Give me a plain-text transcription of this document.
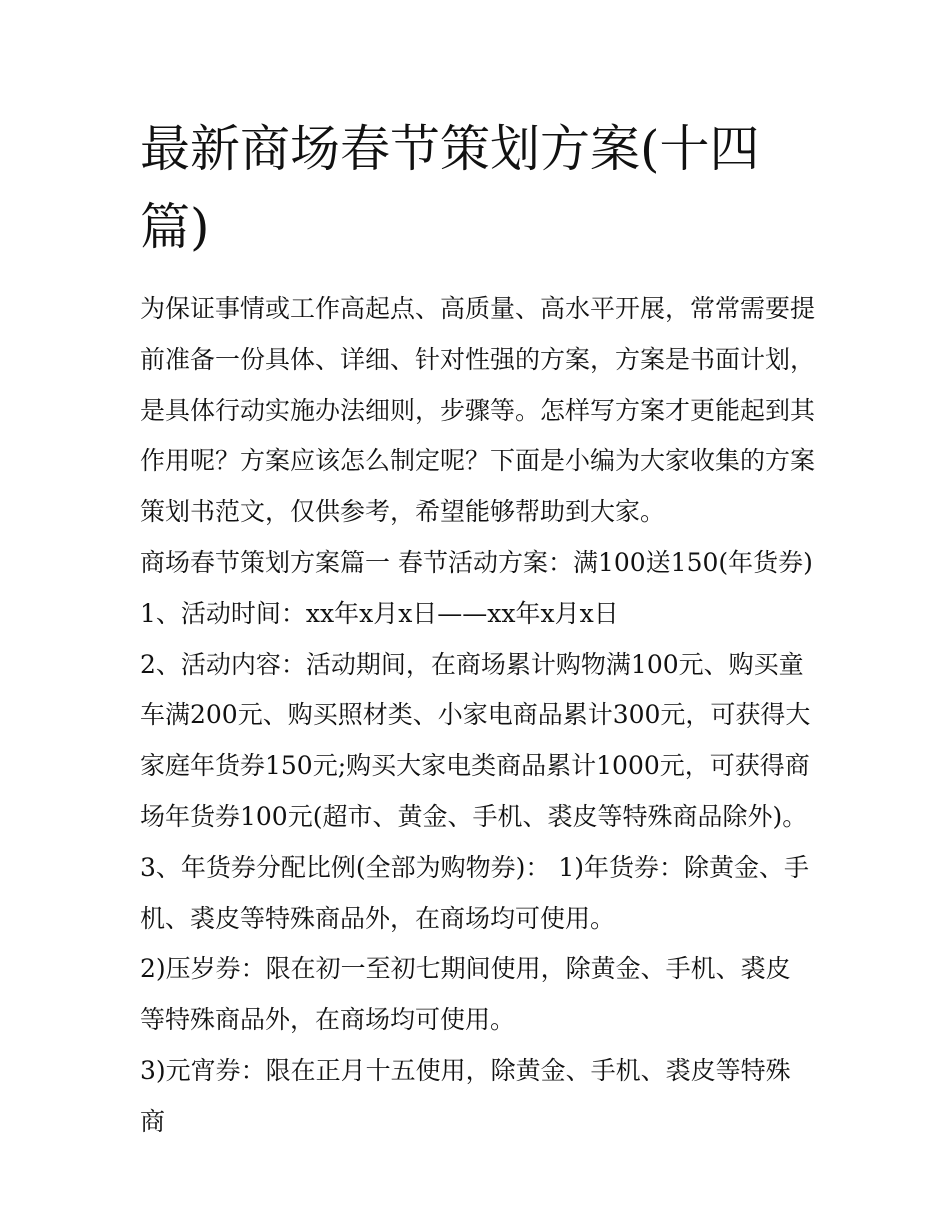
最新商场春节策划方案(十四篇)

为保证事情或工作高起点、高质量、高水平开展，常常需要提前准备一份具体、详细、针对性强的方案，方案是书面计划，是具体行动实施办法细则，步骤等。怎样写方案才更能起到其作用呢？方案应该怎么制定呢？下面是小编为大家收集的方案策划书范文，仅供参考，希望能够帮助到大家。

商场春节策划方案篇一 春节活动方案：满100送150(年货券)

1、活动时间：xx年x月x日——xx年x月x日

2、活动内容：活动期间，在商场累计购物满100元、购买童车满200元、购买照材类、小家电商品累计300元，可获得大家庭年货券150元;购买大家电类商品累计1000元，可获得商场年货券100元(超市、黄金、手机、裘皮等特殊商品除外)。

3、年货券分配比例(全部为购物券)： 1)年货券：除黄金、手机、裘皮等特殊商品外，在商场均可使用。

2)压岁券：限在初一至初七期间使用，除黄金、手机、裘皮等特殊商品外，在商场均可使用。

3)元宵券：限在正月十五使用，除黄金、手机、裘皮等特殊商
